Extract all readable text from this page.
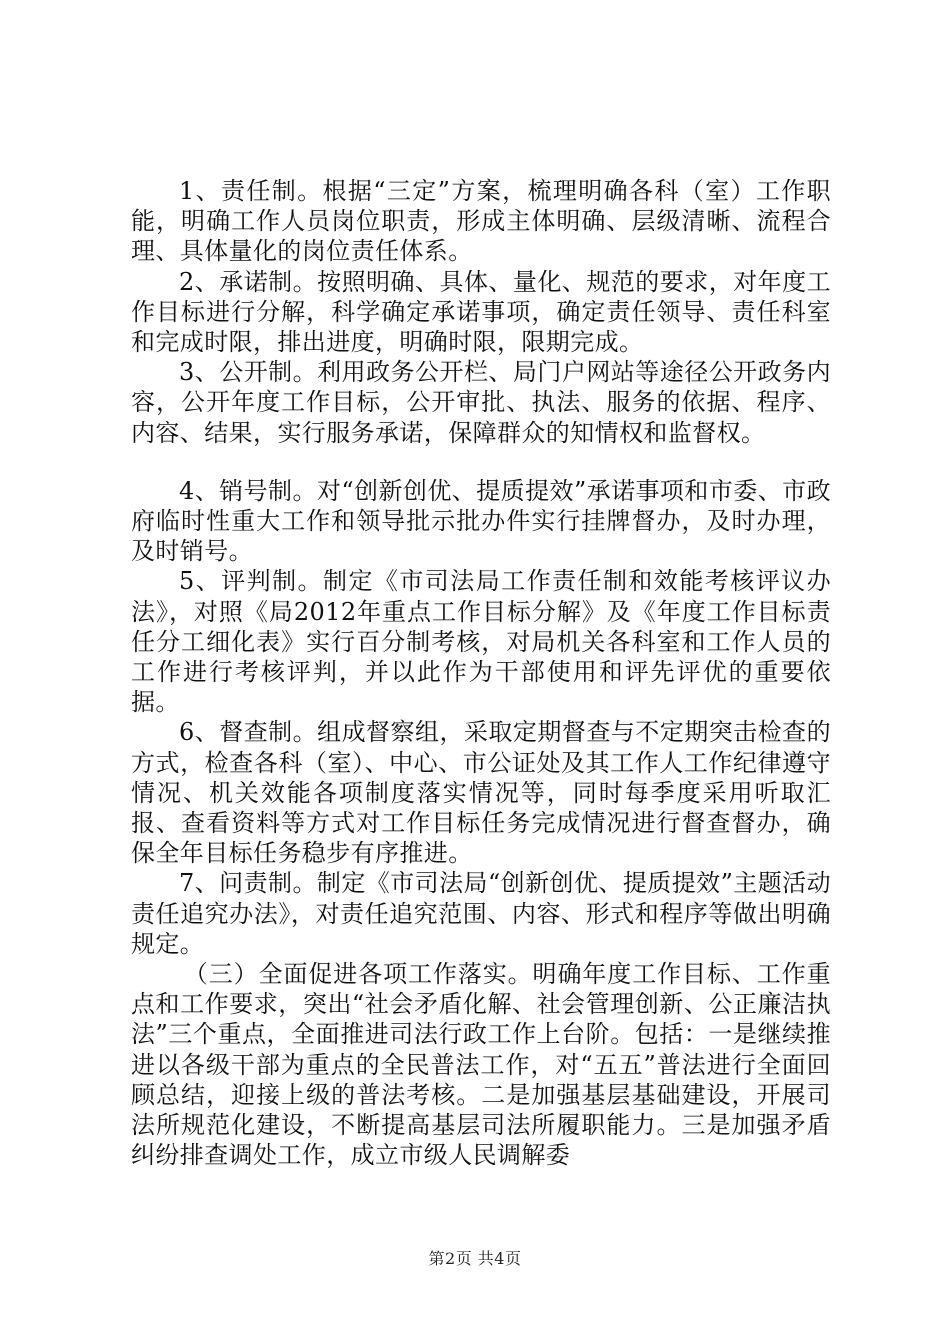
1、责任制。根据“三定”方案，梳理明确各科（室）工作职能，明确工作人员岗位职责，形成主体明确、层级清晰、流程合理、具体量化的岗位责任体系。

2、承诺制。按照明确、具体、量化、规范的要求，对年度工作目标进行分解，科学确定承诺事项，确定责任领导、责任科室和完成时限，排出进度，明确时限，限期完成。

3、公开制。利用政务公开栏、局门户网站等途径公开政务内容，公开年度工作目标，公开审批、执法、服务的依据、程序、内容、结果，实行服务承诺，保障群众的知情权和监督权。

4、销号制。对“创新创优、提质提效”承诺事项和市委、市政府临时性重大工作和领导批示批办件实行挂牌督办，及时办理，及时销号。

5、评判制。制定《市司法局工作责任制和效能考核评议办法》，对照《局2012年重点工作目标分解》及《年度工作目标责任分工细化表》实行百分制考核，对局机关各科室和工作人员的工作进行考核评判，并以此作为干部使用和评先评优的重要依据。

6、督查制。组成督察组，采取定期督查与不定期突击检查的方式，检查各科（室）、中心、市公证处及其工作人工作纪律遵守情况、机关效能各项制度落实情况等，同时每季度采用听取汇报、查看资料等方式对工作目标任务完成情况进行督查督办，确保全年目标任务稳步有序推进。

7、问责制。制定《市司法局“创新创优、提质提效”主题活动责任追究办法》，对责任追究范围、内容、形式和程序等做出明确规定。

（三）全面促进各项工作落实。明确年度工作目标、工作重点和工作要求，突出“社会矛盾化解、社会管理创新、公正廉洁执法”三个重点，全面推进司法行政工作上台阶。包括：一是继续推进以各级干部为重点的全民普法工作，对“五五”普法进行全面回顾总结，迎接上级的普法考核。二是加强基层基础建设，开展司法所规范化建设，不断提高基层司法所履职能力。三是加强矛盾纠纷排查调处工作，成立市级人民调解委

第2页 共4页
